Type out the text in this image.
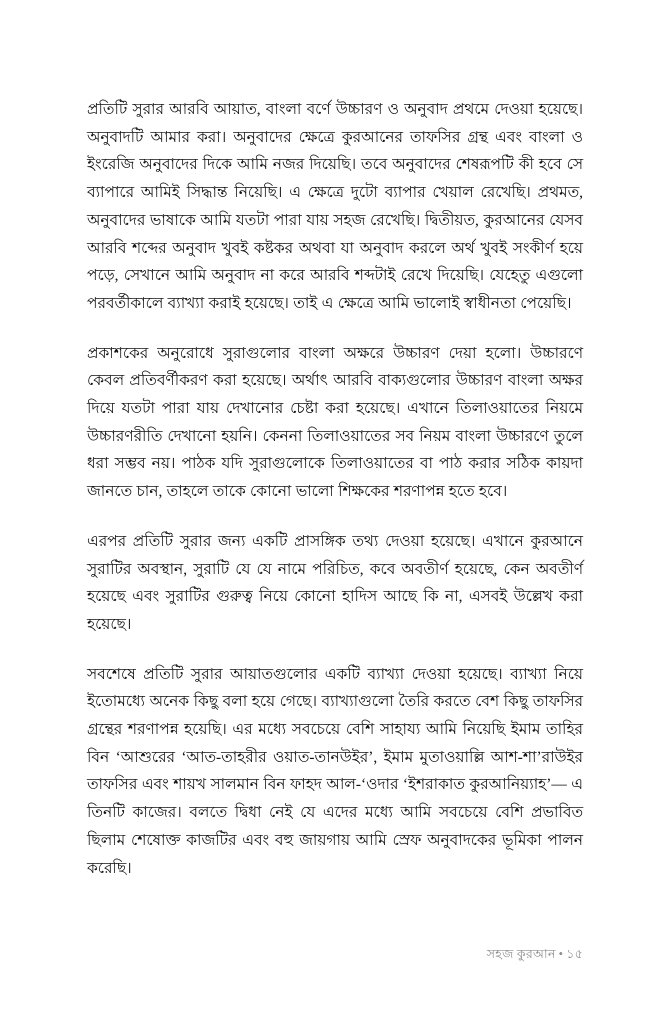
প্রতিটি সুরার আরবি আয়াত, বাংলা বর্ণে উচ্চারণ ও অনুবাদ প্রথমে দেওয়া হয়েছে। অনুবাদটি আমার করা। অনুবাদের ক্ষেত্রে কুরআনের তাফসির গ্রন্থ এবং বাংলা ও ইংরেজি অনুবাদের দিকে আমি নজর দিয়েছি। তবে অনুবাদের শেষরূপটি কী হবে সে ব্যাপারে আমিই সিদ্ধান্ত নিয়েছি। এ ক্ষেত্রে দুটো ব্যাপার খেয়াল রেখেছি। প্রথমত, অনুবাদের ভাষাকে আমি যতটা পারা যায় সহজ রেখেছি। দ্বিতীয়ত, কুরআনের যেসব আরবি শব্দের অনুবাদ খুবই কষ্টকর অথবা যা অনুবাদ করলে অর্থ খুবই সংকীর্ণ হয়ে পড়ে, সেখানে আমি অনুবাদ না করে আরবি শব্দটাই রেখে দিয়েছি। যেহেতু এগুলো পরবর্তীকালে ব্যাখ্যা করাই হয়েছে। তাই এ ক্ষেত্রে আমি ভালোই স্বাধীনতা পেয়েছি।

প্রকাশকের অনুরোধে সুরাগুলোর বাংলা অক্ষরে উচ্চারণ দেয়া হলো। উচ্চারণে কেবল প্রতিবর্ণীকরণ করা হয়েছে। অর্থাৎ আরবি বাক্যগুলোর উচ্চারণ বাংলা অক্ষর দিয়ে যতটা পারা যায় দেখানোর চেষ্টা করা হয়েছে। এখানে তিলাওয়াতের নিয়মে উচ্চারণরীতি দেখানো হয়নি। কেননা তিলাওয়াতের সব নিয়ম বাংলা উচ্চারণে তুলে ধরা সম্ভব নয়। পাঠক যদি সুরাগুলোকে তিলাওয়াতের বা পাঠ করার সঠিক কায়দা জানতে চান, তাহলে তাকে কোনো ভালো শিক্ষকের শরণাপন্ন হতে হবে।

এরপর প্রতিটি সুরার জন্য একটি প্রাসঙ্গিক তথ্য দেওয়া হয়েছে। এখানে কুরআনে সুরাটির অবস্থান, সুরাটি যে যে নামে পরিচিত, কবে অবতীর্ণ হয়েছে, কেন অবতীর্ণ হয়েছে এবং সুরাটির গুরুত্ব নিয়ে কোনো হাদিস আছে কি না, এসবই উল্লেখ করা হয়েছে।

সবশেষে প্রতিটি সুরার আয়াতগুলোর একটি ব্যাখ্যা দেওয়া হয়েছে। ব্যাখ্যা নিয়ে ইতোমধ্যে অনেক কিছু বলা হয়ে গেছে। ব্যাখ্যাগুলো তৈরি করতে বেশ কিছু তাফসির গ্রন্থের শরণাপন্ন হয়েছি। এর মধ্যে সবচেয়ে বেশি সাহায্য আমি নিয়েছি ইমাম তাহির বিন ‘আশুরের ‘আত-তাহরীর ওয়াত-তানউইর’, ইমাম মুতাওয়াল্লি আশ-শা’রাউইর তাফসির এবং শায়খ সালমান বিন ফাহদ আল-‘ওদার ‘ইশরাকাত কুরআনিয়্যাহ’— এ তিনটি কাজের। বলতে দ্বিধা নেই যে এদের মধ্যে আমি সবচেয়ে বেশি প্রভাবিত ছিলাম শেষোক্ত কাজটির এবং বহু জায়গায় আমি স্রেফ অনুবাদকের ভূমিকা পালন করেছি।

সহজ কুরআন • ১৫
